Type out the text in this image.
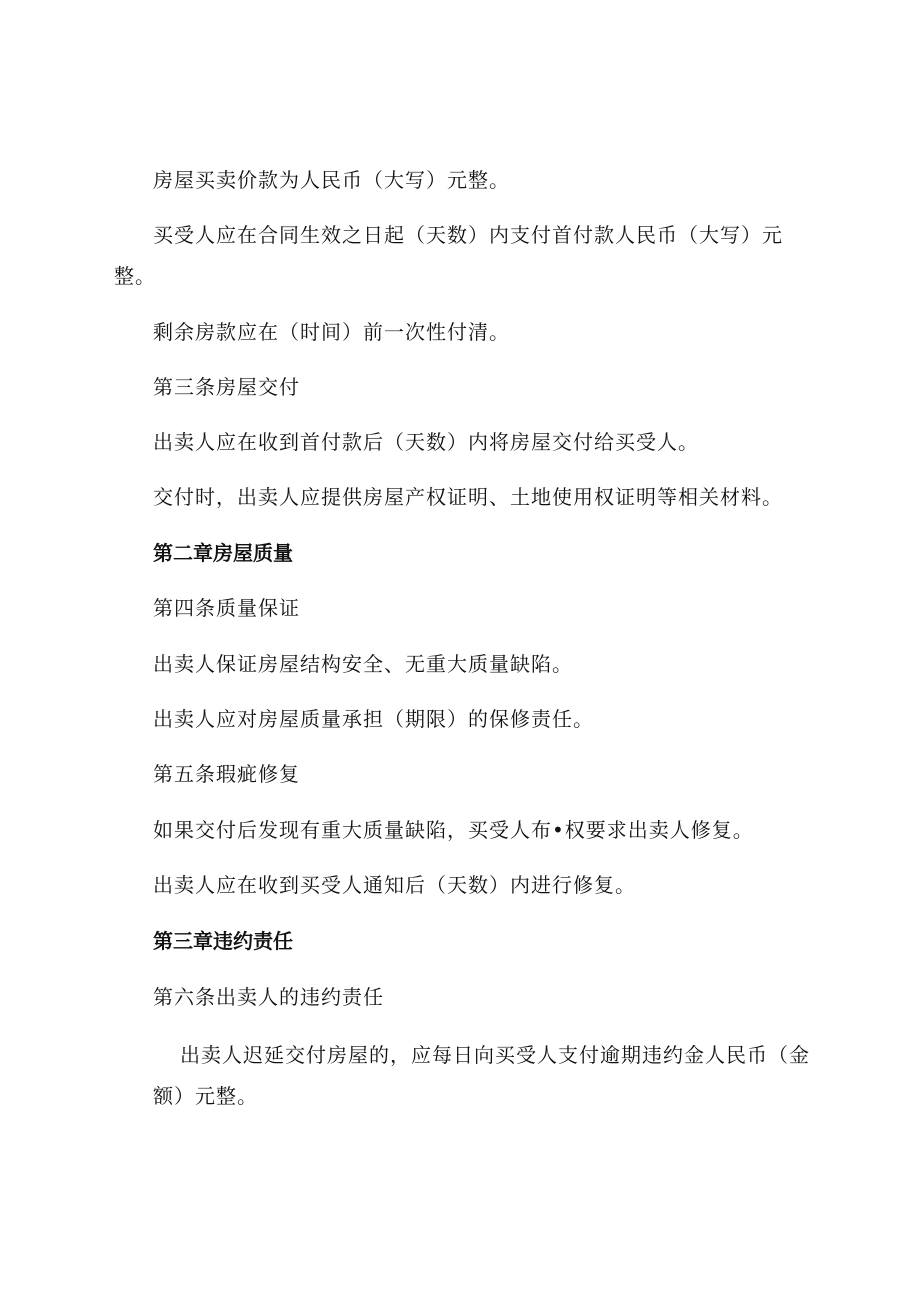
房屋买卖价款为人民币（大写）元整。
买受人应在合同生效之日起（天数）内支付首付款人民币（大写）元
整。
剩余房款应在（时间）前一次性付清。
第三条房屋交付
出卖人应在收到首付款后（天数）内将房屋交付给买受人。
交付时，出卖人应提供房屋产权证明、土地使用权证明等相关材料。
第二章房屋质量
第四条质量保证
出卖人保证房屋结构安全、无重大质量缺陷。
出卖人应对房屋质量承担（期限）的保修责任。
第五条瑕疵修复
如果交付后发现有重大质量缺陷，买受人布•权要求出卖人修复。
出卖人应在收到买受人通知后（天数）内进行修复。
第三章违约责任
第六条出卖人的违约责任
出卖人迟延交付房屋的，应每日向买受人支付逾期违约金人民币（金
额）元整。
